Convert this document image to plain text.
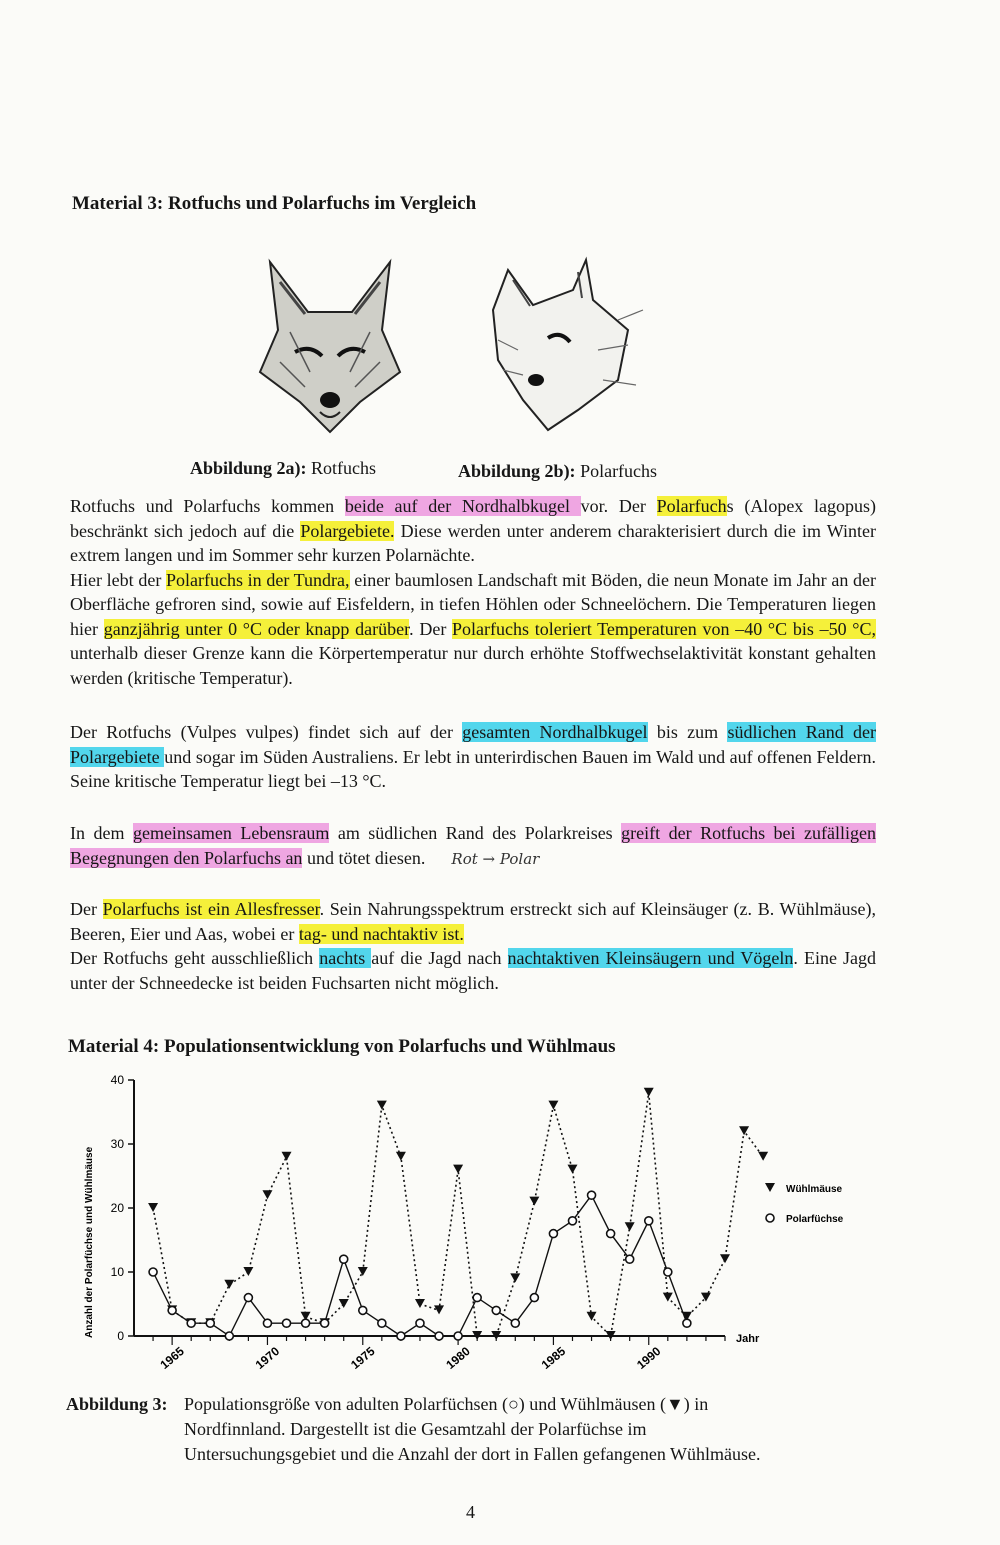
Material 3: Rotfuchs und Polarfuchs im Vergleich
Abbildung 2a): Rotfuchs	Abbildung 2b): Polarfuchs

Rotfuchs und Polarfuchs kommen beide auf der Nordhalbkugel vor. Der Polarfuchs (Alopex lagopus) beschränkt sich jedoch auf die Polargebiete. Diese werden unter anderem charakterisiert durch die im Winter extrem langen und im Sommer sehr kurzen Polarnächte.

Hier lebt der Polarfuchs in der Tundra, einer baumlosen Landschaft mit Böden, die neun Monate im Jahr an der Oberfläche gefroren sind, sowie auf Eisfeldern, in tiefen Höhlen oder Schneelöchern. Die Temperaturen liegen hier ganzjährig unter 0 °C oder knapp darüber. Der Polarfuchs toleriert Temperaturen von –40 °C bis –50 °C, unterhalb dieser Grenze kann die Körpertemperatur nur durch erhöhte Stoffwechselaktivität konstant gehalten werden (kritische Temperatur).

Der Rotfuchs (Vulpes vulpes) findet sich auf der gesamten Nordhalbkugel bis zum südlichen Rand der Polargebiete und sogar im Süden Australiens. Er lebt in unterirdischen Bauen im Wald und auf offenen Feldern. Seine kritische Temperatur liegt bei –13 °C.

In dem gemeinsamen Lebensraum am südlichen Rand des Polarkreises greift der Rotfuchs bei zufälligen Begegnungen den Polarfuchs an und tötet diesen. Rot → Polar

Der Polarfuchs ist ein Allesfresser. Sein Nahrungsspektrum erstreckt sich auf Kleinsäuger (z. B. Wühlmäuse), Beeren, Eier und Aas, wobei er tag- und nachtaktiv ist.

Der Rotfuchs geht ausschließlich nachts auf die Jagd nach nachtaktiven Kleinsäugern und Vögeln. Eine Jagd unter der Schneedecke ist beiden Fuchsarten nicht möglich.

Material 4: Populationsentwicklung von Polarfuchs und Wühlmaus
Anzahl der Polarfüchse und Wühlmäuse 0
10
20
30
40
1965	1970	1975	1980	1985	1990
Wühlmäuse
Polarfüchse
Jahr
Abbildung 3: Populationsgröße von adulten Polarfüchsen (○) und Wühlmäusen (▼) in
Nordfinnland. Dargestellt ist die Gesamtzahl der Polarfüchse im
Untersuchungsgebiet und die Anzahl der dort in Fallen gefangenen Wühlmäuse.
4
